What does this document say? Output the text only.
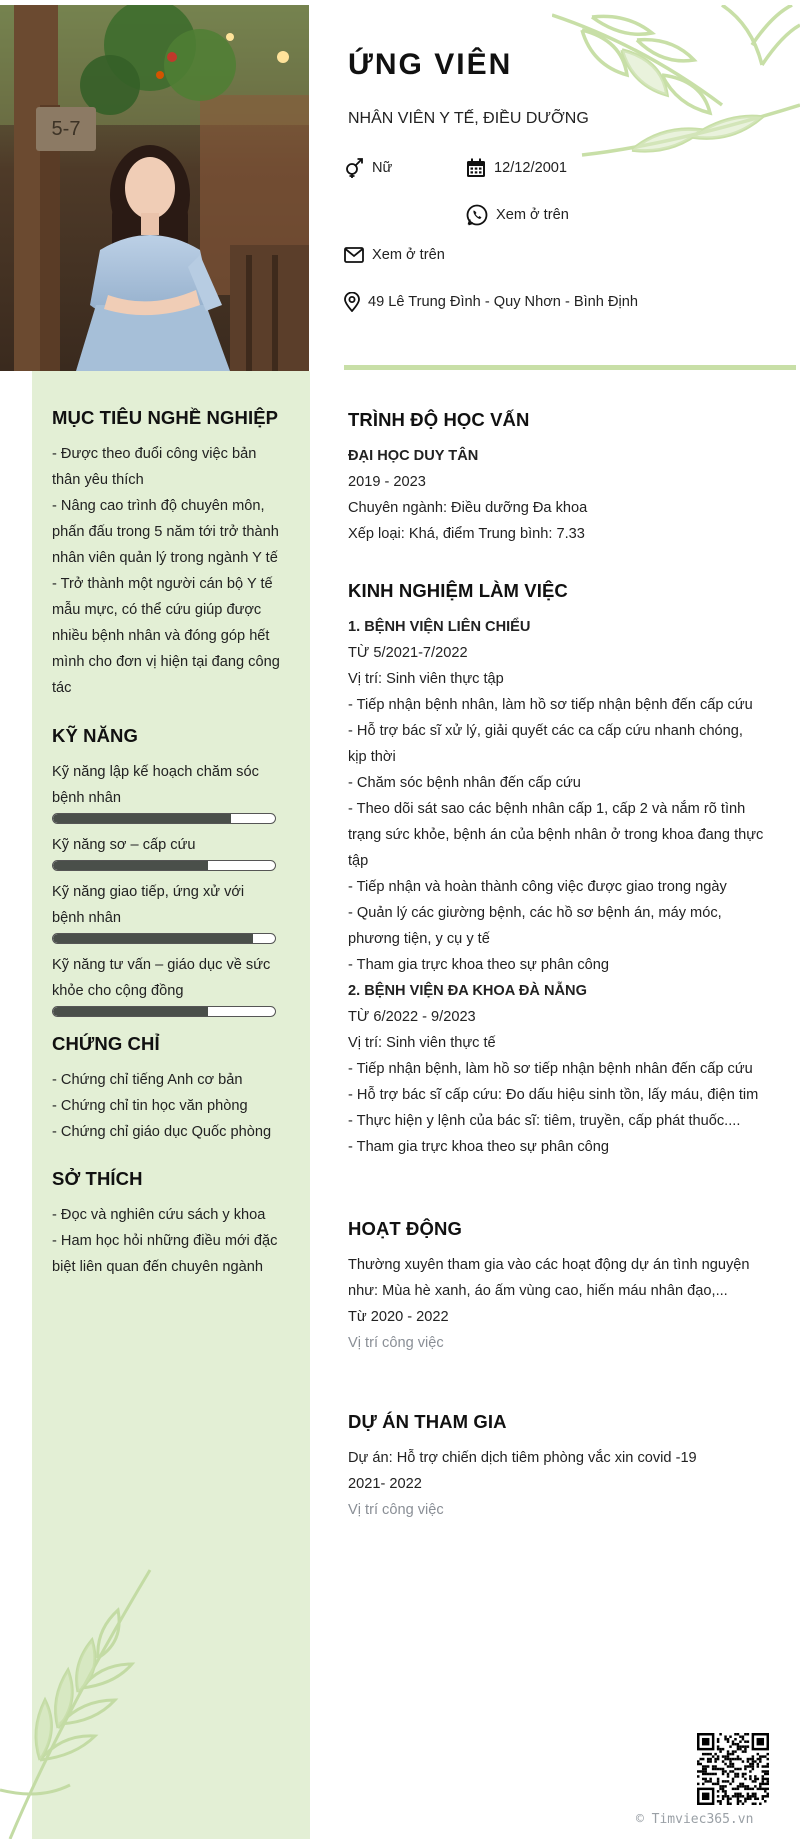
5-7
MỤC TIÊU NGHỀ NGHIỆP
- Được theo đuổi công việc bản
thân yêu thích
- Nâng cao trình độ chuyên môn,
phấn đấu trong 5 năm tới trở thành
nhân viên quản lý trong ngành Y tế
- Trở thành một người cán bộ Y tế
mẫu mực, có thể cứu giúp được
nhiều bệnh nhân và đóng góp hết
mình cho đơn vị hiện tại đang công
tác
KỸ NĂNG
Kỹ năng lập kế hoạch chăm sóc
bệnh nhân
Kỹ năng sơ – cấp cứu
Kỹ năng giao tiếp, ứng xử với
bệnh nhân
Kỹ năng tư vấn – giáo dục về sức
khỏe cho cộng đồng
CHỨNG CHỈ
- Chứng chỉ tiếng Anh cơ bản
- Chứng chỉ tin học văn phòng
- Chứng chỉ giáo dục Quốc phòng
SỞ THÍCH
- Đọc và nghiên cứu sách y khoa
- Ham học hỏi những điều mới đặc
biệt liên quan đến chuyên ngành
ỨNG VIÊN
NHÂN VIÊN Y TẾ, ĐIỀU DƯỠNG
Nữ	12/12/2001
Xem ở trên
Xem ở trên
49 Lê Trung Đình - Quy Nhơn - Bình Định
TRÌNH ĐỘ HỌC VẤN
ĐẠI HỌC DUY TÂN
2019 - 2023
Chuyên ngành: Điều dưỡng Đa khoa
Xếp loại: Khá, điểm Trung bình: 7.33
KINH NGHIỆM LÀM VIỆC
1. BỆNH VIỆN LIÊN CHIỂU
TỪ 5/2021-7/2022
Vị trí: Sinh viên thực tập
- Tiếp nhận bệnh nhân, làm hồ sơ tiếp nhận bệnh đến cấp cứu
- Hỗ trợ bác sĩ xử lý, giải quyết các ca cấp cứu nhanh chóng,
kịp thời
- Chăm sóc bệnh nhân đến cấp cứu
- Theo dõi sát sao các bệnh nhân cấp 1, cấp 2 và nắm rõ tình
trạng sức khỏe, bệnh án của bệnh nhân ở trong khoa đang thực
tập
- Tiếp nhận và hoàn thành công việc được giao trong ngày
- Quản lý các giường bệnh, các hồ sơ bệnh án, máy móc,
phương tiện, y cụ y tế
- Tham gia trực khoa theo sự phân công
2. BỆNH VIỆN ĐA KHOA ĐÀ NẴNG
TỪ 6/2022 - 9/2023
Vị trí: Sinh viên thực tế
- Tiếp nhận bệnh, làm hồ sơ tiếp nhận bệnh nhân đến cấp cứu
- Hỗ trợ bác sĩ cấp cứu: Đo dấu hiệu sinh tồn, lấy máu, điện tim
- Thực hiện y lệnh của bác sĩ: tiêm, truyền, cấp phát thuốc....
- Tham gia trực khoa theo sự phân công
HOẠT ĐỘNG
Thường xuyên tham gia vào các hoạt động dự án tình nguyện
như: Mùa hè xanh, áo ấm vùng cao, hiến máu nhân đạo,...
Từ 2020 - 2022
Vị trí công việc
DỰ ÁN THAM GIA
Dự án: Hỗ trợ chiến dịch tiêm phòng vắc xin covid -19
2021- 2022
Vị trí công việc
© Timviec365.vn
